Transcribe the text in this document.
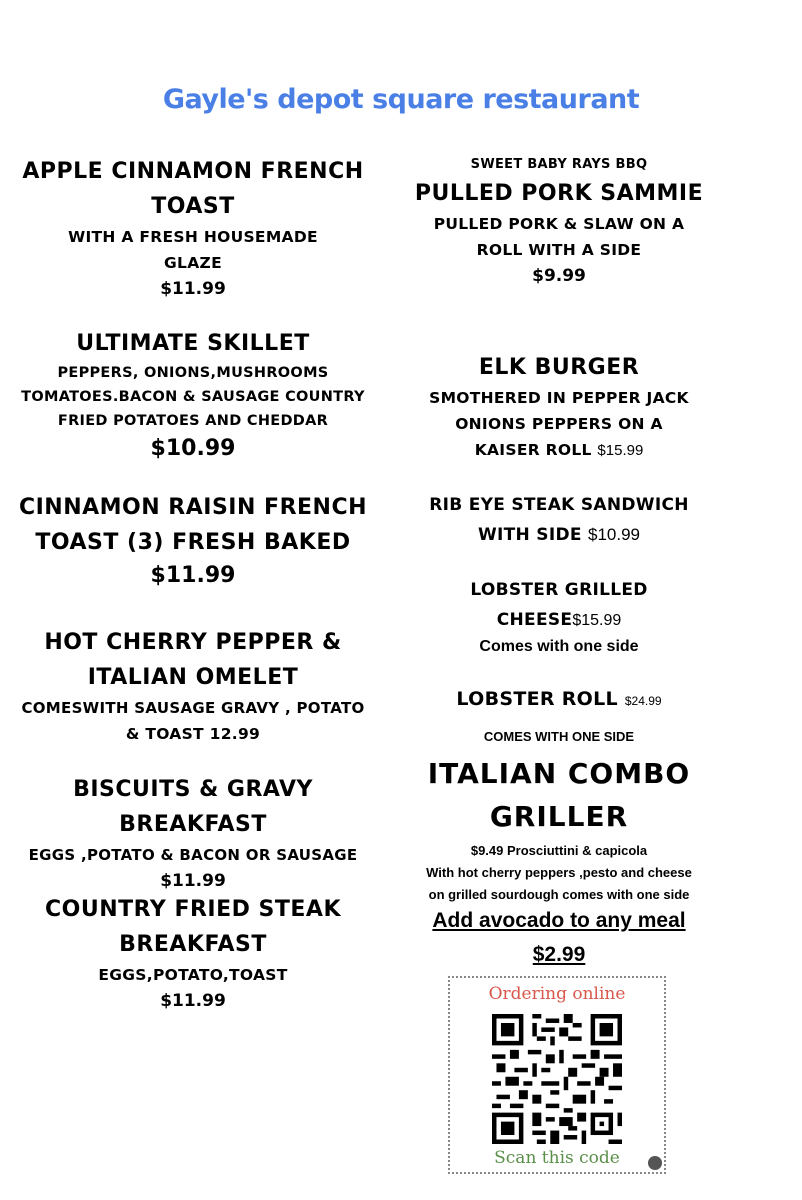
Gayle's depot square restaurant
APPLE CINNAMON FRENCH
TOAST
WITH A FRESH HOUSEMADE
GLAZE
$11.99
ULTIMATE SKILLET
PEPPERS, ONIONS,MUSHROOMS
TOMATOES.BACON & SAUSAGE COUNTRY
FRIED POTATOES AND CHEDDAR
$10.99
CINNAMON RAISIN FRENCH
TOAST (3) FRESH BAKED
$11.99
HOT CHERRY PEPPER &
ITALIAN OMELET
COMESWITH SAUSAGE GRAVY , POTATO
& TOAST 12.99
BISCUITS & GRAVY
BREAKFAST
EGGS ,POTATO & BACON OR SAUSAGE
$11.99
COUNTRY FRIED STEAK
BREAKFAST
EGGS,POTATO,TOAST
$11.99
SWEET BABY RAYS BBQ
PULLED PORK SAMMIE
PULLED PORK & SLAW ON A
ROLL WITH A SIDE
$9.99
ELK BURGER
SMOTHERED IN PEPPER JACK
ONIONS PEPPERS ON A
KAISER ROLL $15.99
RIB EYE STEAK SANDWICH
WITH SIDE $10.99
LOBSTER GRILLED
CHEESE$15.99
Comes with one side
LOBSTER ROLL $24.99
COMES WITH ONE SIDE
ITALIAN COMBO
GRILLER
$9.49 Prosciuttini & capicola
With hot cherry peppers ,pesto and cheese
on grilled sourdough comes with one side
Add avocado to any meal
$2.99
Ordering online
Scan this code
